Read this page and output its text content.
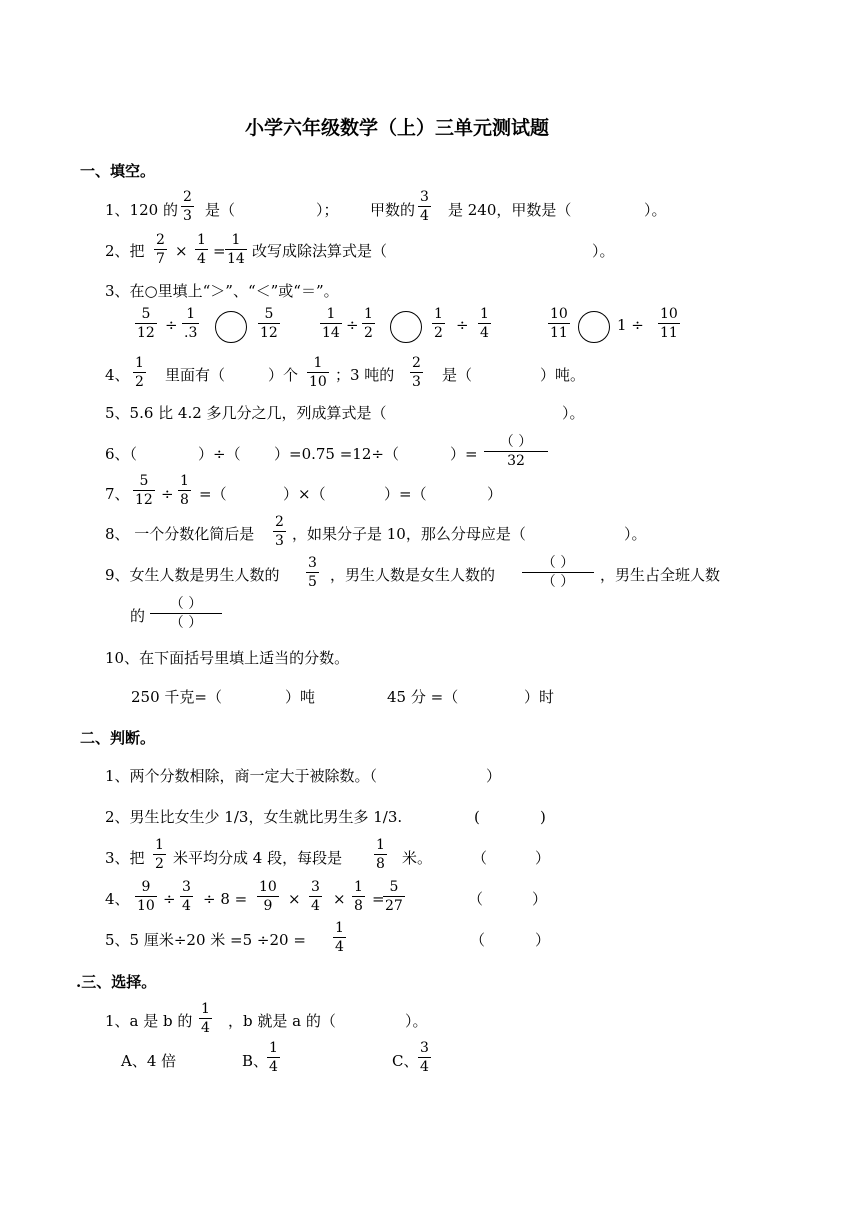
小学六年级数学（上）三单元测试题
一、填空。
1、120 的
2
3 是（	）； 甲数的
3
4 是 240，甲数是（	）。
2、把
2
7 ×
1
4 =
1
14 改写成除法算式是（	）。
3、在○里填上“＞”、“＜”或“＝”。
5
12 ÷
1
.3
5
12
1
14 ÷
1
2
1
2 ÷
1
4
10
11	1 ÷
10
11
4、
1
2 里面有（	）个
1
10 ；3 吨的
2
3 是（	）吨。
5、5.6 比 4.2 多几分之几，列成算式是（	）。
6、（	）÷（ ）=0.75 =12÷（	）=
（ ）
32
7、
5
12 ÷
1
8 =（	）×（	）=（	）
8、 一个分数化简后是
2
3 ，如果分子是 10，那么分母应是（	）。
9、女生人数是男生人数的
3
5 ，男生人数是女生人数的
（ ）
（ ） ，男生占全班人数
的
（ ）
（ ）
10、在下面括号里填上适当的分数。
250 千克=（	）吨	45 分 =（	）时
二、判断。
1、两个分数相除，商一定大于被除数。（	）
2、男生比女生少 1/3，女生就比男生多 1/3.	(	)
3、把
1
2 米平均分成 4 段，每段是
1
8 米。	（	）
4、
9
10 ÷
3
4 ÷ 8 =
10
9 ×
3
4 ×
1
8 =
5
27	（	）
5、5 厘米÷20 米 =5 ÷20 =
1
4	（	）
.三、选择。
1、a 是 b 的
1
4 ，b 就是 a 的（	）。
A、4 倍	B、
1
4	C、
3
4
